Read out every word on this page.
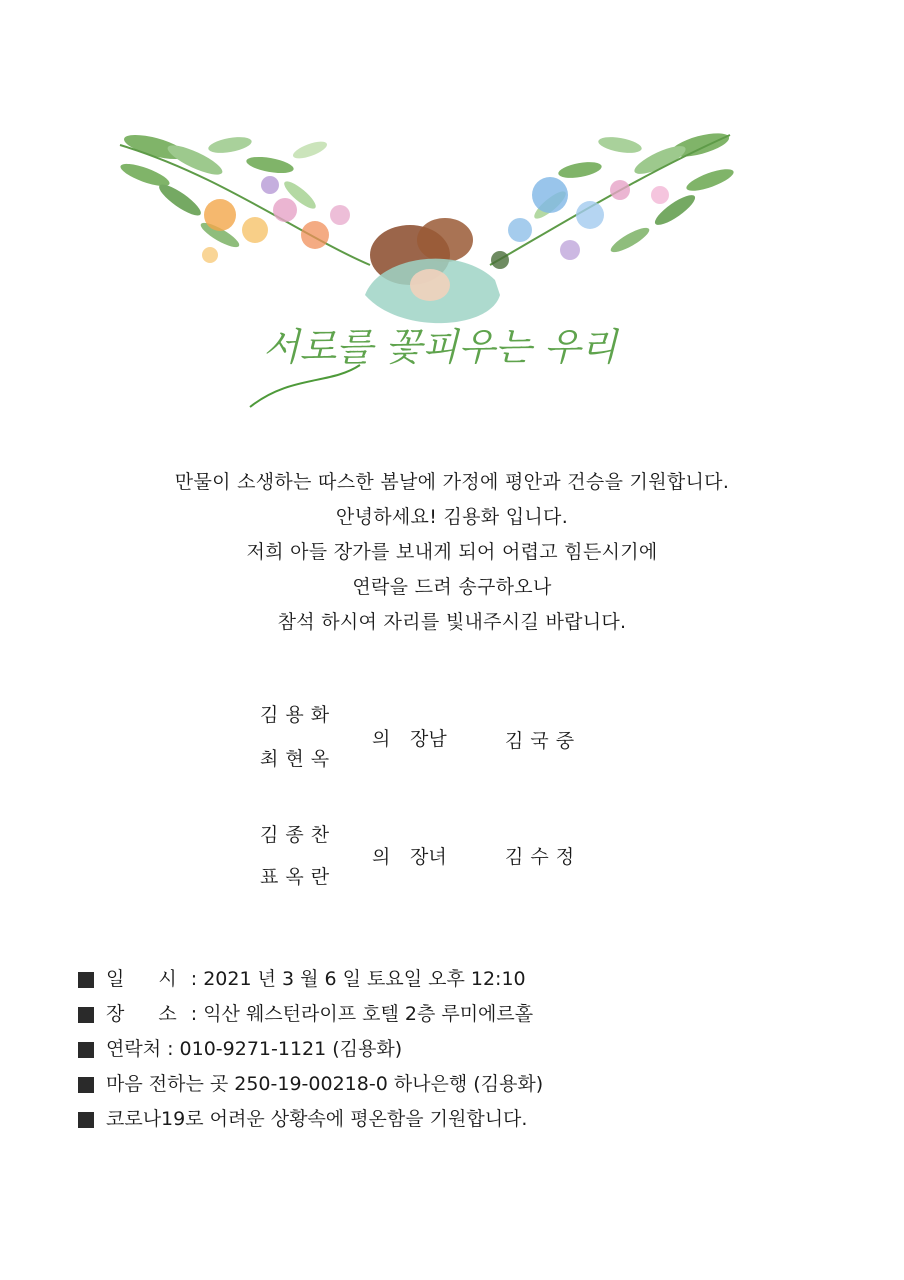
서로를 꽃피우는 우리

만물이 소생하는 따스한 봄날에 가정에 평안과 건승을 기원합니다.

안녕하세요! 김용화 입니다.

저희 아들 장가를 보내게 되어 어렵고 힘든시기에

연락을 드려 송구하오나

참석 하시여 자리를 빛내주시길 바랍니다.

김용화
최현옥
의 장남	김국중
김종찬
표옥란
의 장녀	김수정
일 시 : 2021 년 3 월 6 일 토요일 오후 12:10
장 소 : 익산 웨스턴라이프 호텔 2층 루미에르홀
연락처 : 010-9271-1121 (김용화)
마음 전하는 곳 250-19-00218-0 하나은행 (김용화)
코로나19로 어려운 상황속에 평온함을 기원합니다.
